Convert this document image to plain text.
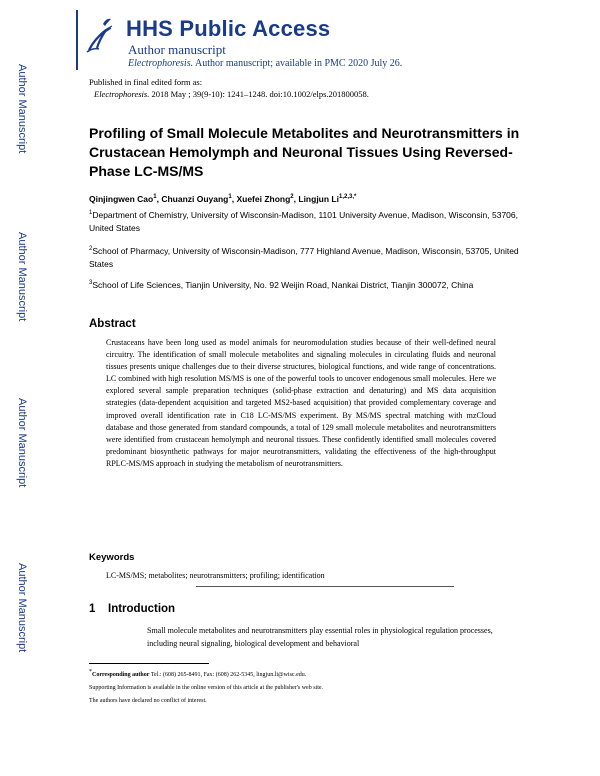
HHS Public Access
Author manuscript
Electrophoresis. Author manuscript; available in PMC 2020 July 26.
Author Manuscript
Author Manuscript
Author Manuscript
Author Manuscript
Published in final edited form as:
Electrophoresis. 2018 May ; 39(9-10): 1241–1248. doi:10.1002/elps.201800058.
Profiling of Small Molecule Metabolites and Neurotransmitters in Crustacean Hemolymph and Neuronal Tissues Using Reversed-Phase LC-MS/MS
Qinjingwen Cao$^1$, Chuanzi Ouyang$^1$, Xuefei Zhong$^2$, Lingjun $Li^{1,2,3,*}$
$^1$Department of Chemistry, University of Wisconsin-Madison, 1101 University Avenue, Madison, Wisconsin, 53706, United States
$^2$School of Pharmacy, University of Wisconsin-Madison, 777 Highland Avenue, Madison, Wisconsin, 53705, United States
$^3$School of Life Sciences, Tianjin University, No. 92 Weijin Road, Nankai District, Tianjin 300072, China
Abstract
Crustaceans have been long used as model animals for neuromodulation studies because of their well-defined neural circuitry. The identification of small molecule metabolites and signaling molecules in circulating fluids and neuronal tissues presents unique challenges due to their diverse structures, biological functions, and wide range of concentrations. LC combined with high resolution MS/MS is one of the powerful tools to uncover endogenous small molecules. Here we explored several sample preparation techniques (solid-phase extraction and denaturing) and MS data acquisition strategies (data-dependent acquisition and targeted MS2-based acquisition) that provided complementary coverage and improved overall identification rate in C18 LC-MS/MS experiment. By MS/MS spectral matching with mzCloud database and those generated from standard compounds, a total of 129 small molecule metabolites and neurotransmitters were identified from crustacean hemolymph and neuronal tissues. These confidently identified small molecules covered predominant biosynthetic pathways for major neurotransmitters, validating the effectiveness of the high-throughput RPLC-MS/MS approach in studying the metabolism of neurotransmitters.
Keywords
LC-MS/MS; metabolites; neurotransmitters; profiling; identification
1 Introduction
Small molecule metabolites and neurotransmitters play essential roles in physiological regulation processes, including neural signaling, biological development and behavioral
*Corresponding author Tel.: (608) 265-8491, Fax: (608) 262-5345, lingjun.li@wisc.edu.
Supporting Information is available in the online version of this article at the publisher's web site.
The authors have declared no conflict of interest.
